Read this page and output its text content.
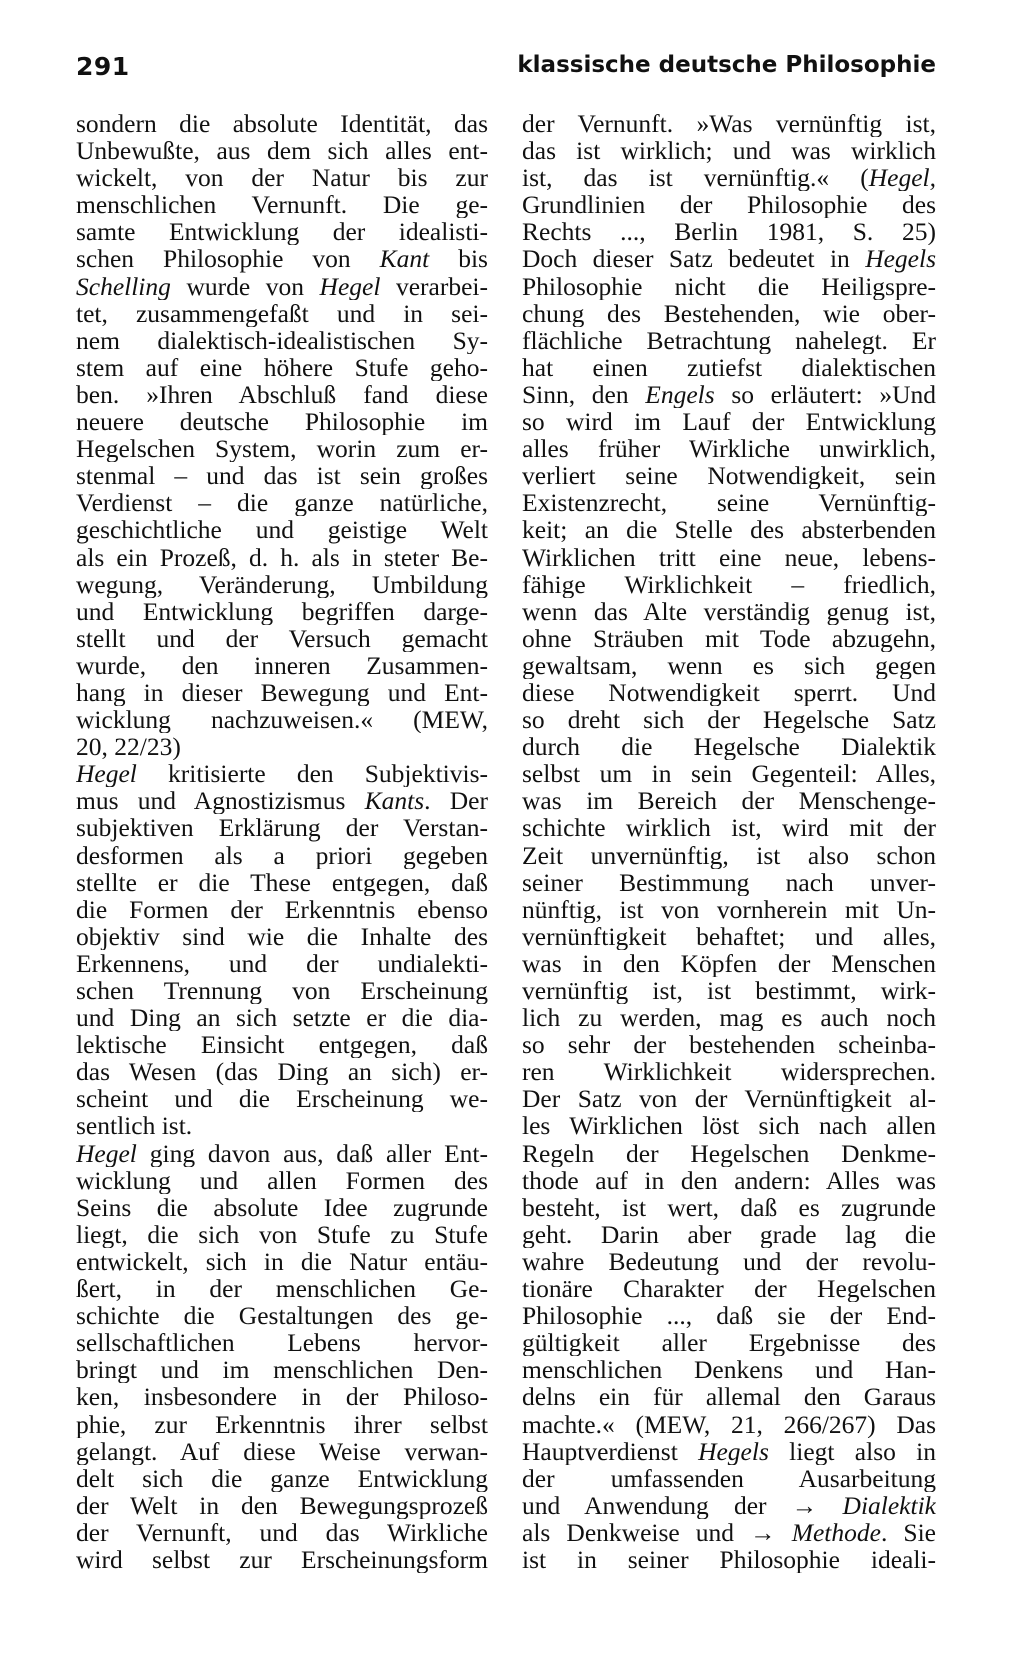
291	klassische deutsche Philosophie
sondern die absolute Identität, das
Unbewußte, aus dem sich alles ent-
wickelt, von der Natur bis zur
menschlichen Vernunft. Die ge-
samte Entwicklung der idealisti-
schen Philosophie von Kant bis
Schelling wurde von Hegel verarbei-
tet, zusammengefaßt und in sei-
nem dialektisch-idealistischen Sy-
stem auf eine höhere Stufe geho-
ben. »Ihren Abschluß fand diese
neuere deutsche Philosophie im
Hegelschen System, worin zum er-
stenmal – und das ist sein großes
Verdienst – die ganze natürliche,
geschichtliche und geistige Welt
als ein Prozeß, d. h. als in steter Be-
wegung, Veränderung, Umbildung
und Entwicklung begriffen darge-
stellt und der Versuch gemacht
wurde, den inneren Zusammen-
hang in dieser Bewegung und Ent-
wicklung nachzuweisen.« (MEW,
20, 22/23)
Hegel kritisierte den Subjektivis-
mus und Agnostizismus Kants. Der
subjektiven Erklärung der Verstan-
desformen als a priori gegeben
stellte er die These entgegen, daß
die Formen der Erkenntnis ebenso
objektiv sind wie die Inhalte des
Erkennens, und der undialekti-
schen Trennung von Erscheinung
und Ding an sich setzte er die dia-
lektische Einsicht entgegen, daß
das Wesen (das Ding an sich) er-
scheint und die Erscheinung we-
sentlich ist.
Hegel ging davon aus, daß aller Ent-
wicklung und allen Formen des
Seins die absolute Idee zugrunde
liegt, die sich von Stufe zu Stufe
entwickelt, sich in die Natur entäu-
ßert, in der menschlichen Ge-
schichte die Gestaltungen des ge-
sellschaftlichen Lebens hervor-
bringt und im menschlichen Den-
ken, insbesondere in der Philoso-
phie, zur Erkenntnis ihrer selbst
gelangt. Auf diese Weise verwan-
delt sich die ganze Entwicklung
der Welt in den Bewegungsprozeß
der Vernunft, und das Wirkliche
wird selbst zur Erscheinungsform
der Vernunft. »Was vernünftig ist,
das ist wirklich; und was wirklich
ist, das ist vernünftig.« (Hegel,
Grundlinien der Philosophie des
Rechts ..., Berlin 1981, S. 25)
Doch dieser Satz bedeutet in Hegels
Philosophie nicht die Heiligspre-
chung des Bestehenden, wie ober-
flächliche Betrachtung nahelegt. Er
hat einen zutiefst dialektischen
Sinn, den Engels so erläutert: »Und
so wird im Lauf der Entwicklung
alles früher Wirkliche unwirklich,
verliert seine Notwendigkeit, sein
Existenzrecht, seine Vernünftig-
keit; an die Stelle des absterbenden
Wirklichen tritt eine neue, lebens-
fähige Wirklichkeit – friedlich,
wenn das Alte verständig genug ist,
ohne Sträuben mit Tode abzugehn,
gewaltsam, wenn es sich gegen
diese Notwendigkeit sperrt. Und
so dreht sich der Hegelsche Satz
durch die Hegelsche Dialektik
selbst um in sein Gegenteil: Alles,
was im Bereich der Menschenge-
schichte wirklich ist, wird mit der
Zeit unvernünftig, ist also schon
seiner Bestimmung nach unver-
nünftig, ist von vornherein mit Un-
vernünftigkeit behaftet; und alles,
was in den Köpfen der Menschen
vernünftig ist, ist bestimmt, wirk-
lich zu werden, mag es auch noch
so sehr der bestehenden scheinba-
ren Wirklichkeit widersprechen.
Der Satz von der Vernünftigkeit al-
les Wirklichen löst sich nach allen
Regeln der Hegelschen Denkme-
thode auf in den andern: Alles was
besteht, ist wert, daß es zugrunde
geht. Darin aber grade lag die
wahre Bedeutung und der revolu-
tionäre Charakter der Hegelschen
Philosophie ..., daß sie der End-
gültigkeit aller Ergebnisse des
menschlichen Denkens und Han-
delns ein für allemal den Garaus
machte.« (MEW, 21, 266/267) Das
Hauptverdienst Hegels liegt also in
der umfassenden Ausarbeitung
und Anwendung der → Dialektik
als Denkweise und → Methode. Sie
ist in seiner Philosophie ideali-
